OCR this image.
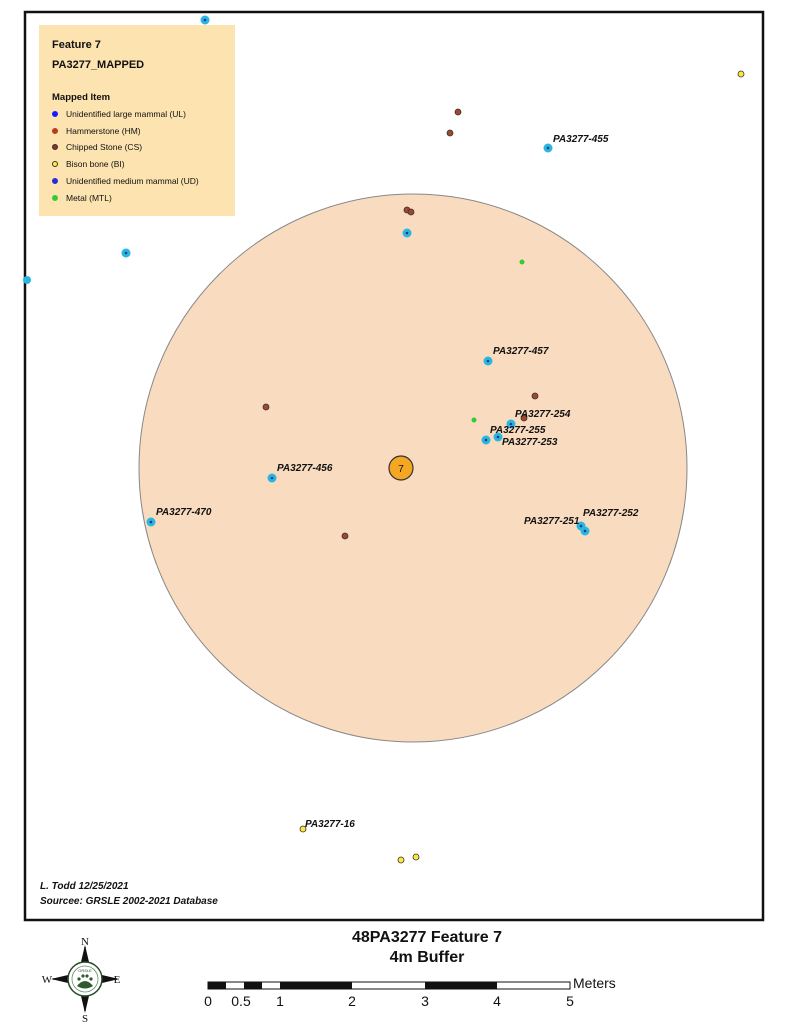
7
PA3277-455
PA3277-457
PA3277-254
PA3277-255
PA3277-253
PA3277-456
PA3277-470	PA3277-252
PA3277-251
PA3277-16
GRSLE
N
S
W	E
Feature 7
PA3277_MAPPED
Mapped Item
Unidentified large mammal (UL)
Hammerstone (HM)
Chipped Stone (CS)
Bison bone (BI)
Unidentified medium mammal (UD)
Metal (MTL)
L. Todd 12/25/2021
Sourcee: GRSLE 2002-2021 Database
48PA3277 Feature 7
4m Buffer
0 0.5 1	2	3	4	5
Meters
